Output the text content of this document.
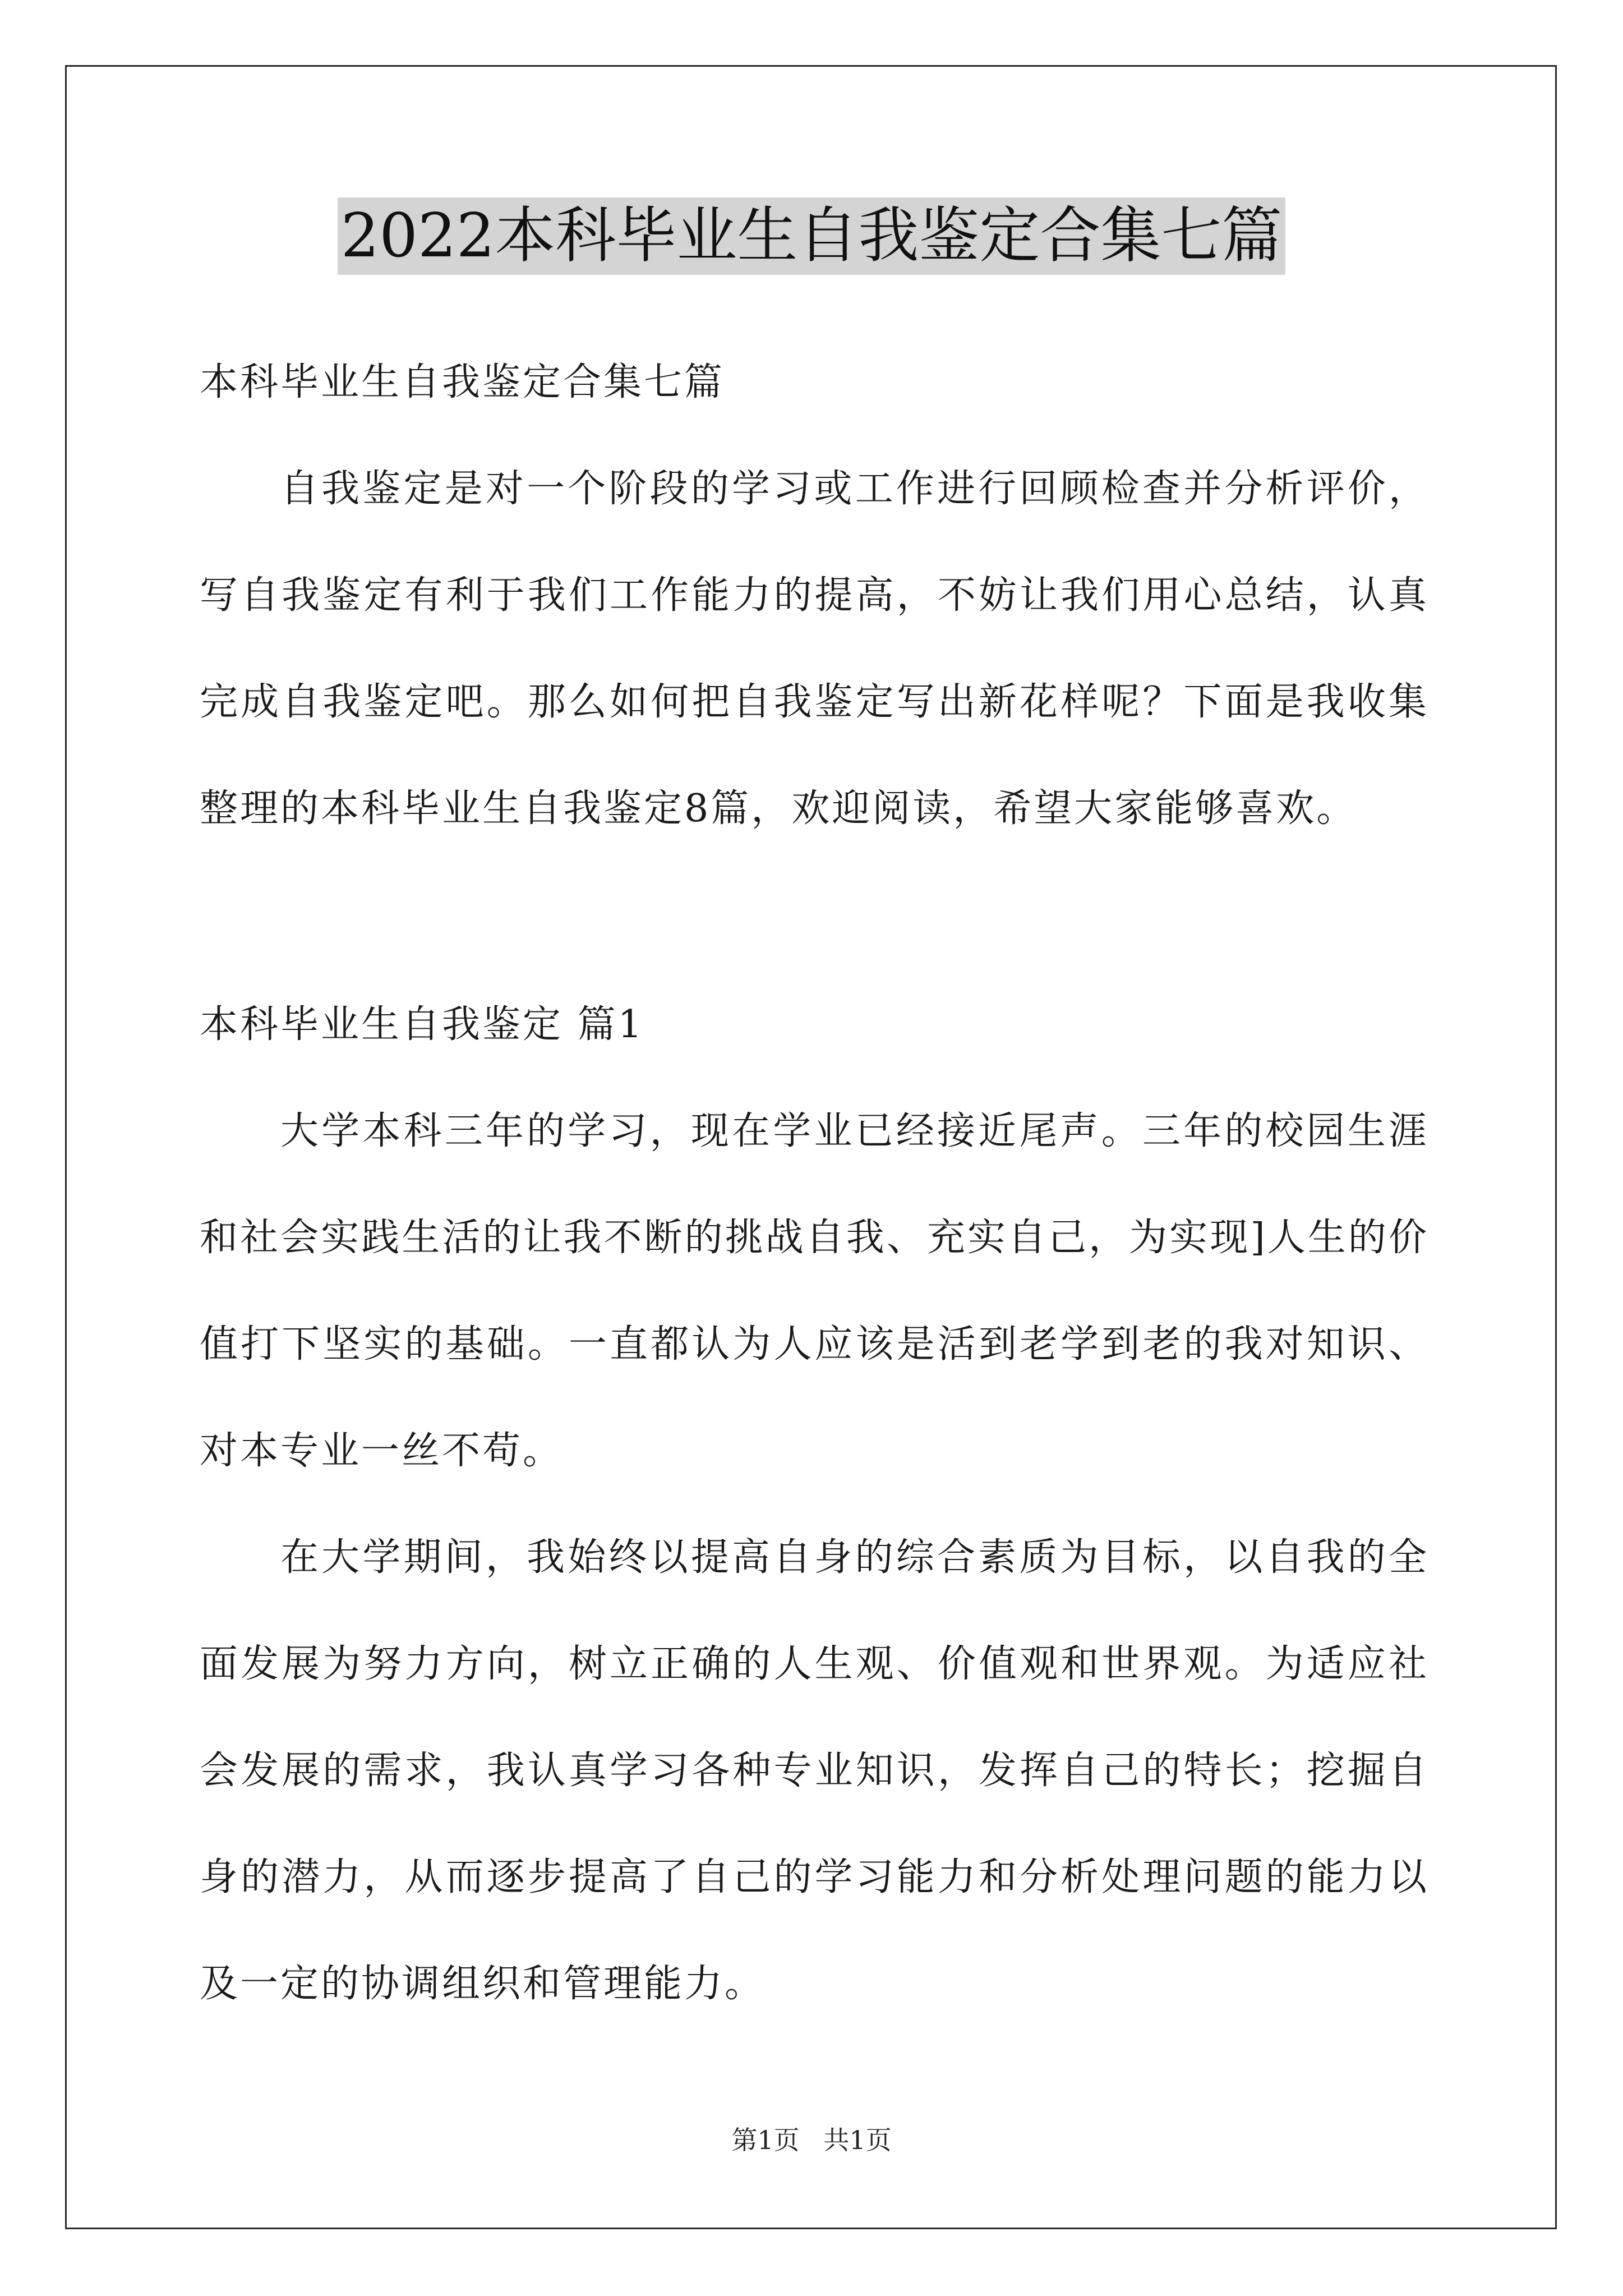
2022本科毕业生自我鉴定合集七篇

本科毕业生自我鉴定合集七篇

自我鉴定是对一个阶段的学习或工作进行回顾检查并分析评价，写自我鉴定有利于我们工作能力的提高，不妨让我们用心总结，认真完成自我鉴定吧。那么如何把自我鉴定写出新花样呢？下面是我收集整理的本科毕业生自我鉴定8篇，欢迎阅读，希望大家能够喜欢。

本科毕业生自我鉴定 篇1

大学本科三年的学习，现在学业已经接近尾声。三年的校园生涯和社会实践生活的让我不断的挑战自我、充实自己，为实现]人生的价值打下坚实的基础。一直都认为人应该是活到老学到老的我对知识、对本专业一丝不苟。

在大学期间，我始终以提高自身的综合素质为目标，以自我的全面发展为努力方向，树立正确的人生观、价值观和世界观。为适应社会发展的需求，我认真学习各种专业知识，发挥自己的特长；挖掘自身的潜力，从而逐步提高了自己的学习能力和分析处理问题的能力以及一定的协调组织和管理能力。

第1页 共1页
